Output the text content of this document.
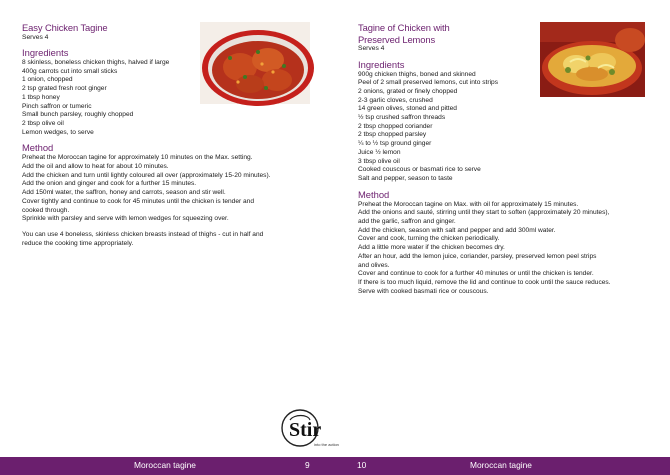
Easy Chicken Tagine
Serves 4
Ingredients
8 skinless, boneless chicken thighs, halved if large
400g carrots cut into small sticks
1 onion, chopped
2 tsp grated fresh root ginger
1 tbsp honey
Pinch saffron or tumeric
Small bunch parsley, roughly chopped
2 tbsp olive oil
Lemon wedges, to serve
Method
Preheat the Moroccan tagine for approximately 10 minutes on the Max. setting.
Add the oil and allow to heat for about 10 minutes.
Add the chicken and turn until lightly coloured all over (approximately 15-20 minutes).
Add the onion and ginger and cook for a further 15 minutes.
Add 150ml water, the saffron, honey and carrots, season and stir well.
Cover tightly and continue to cook for 45 minutes until the chicken is tender and
cooked through.
Sprinkle with parsley and serve with lemon wedges for squeezing over.
You can use 4 boneless, skinless chicken breasts instead of thighs - cut in half and
reduce the cooking time appropriately.
Tagine of Chicken with
Preserved Lemons
Serves 4
Ingredients
900g chicken thighs, boned and skinned
Peel of 2 small preserved lemons, cut into strips
2 onions, grated or finely chopped
2-3 garlic cloves, crushed
14 green olives, stoned and pitted
½ tsp crushed saffron threads
2 tbsp chopped coriander
2 tbsp chopped parsley
¼ to ½ tsp ground ginger
Juice ½ lemon
3 tbsp olive oil
Cooked couscous or basmati rice to serve
Salt and pepper, season to taste
Method
Preheat the Moroccan tagine on Max. with oil for approximately 15 minutes.
Add the onions and sauté, stirring until they start to soften (approximately 20 minutes),
add the garlic, saffron and ginger.
Add the chicken, season with salt and pepper and add 300ml water.
Cover and cook, turning the chicken periodically.
Add a little more water if the chicken becomes dry.
After an hour, add the lemon juice, coriander, parsley, preserved lemon peel strips
and olives.
Cover and continue to cook for a further 40 minutes or until the chicken is tender.
If there is too much liquid, remove the lid and continue to cook until the sauce reduces.
Serve with cooked basmati rice or couscous.
Stir
into the action
Moroccan tagine	9	10	Moroccan tagine
